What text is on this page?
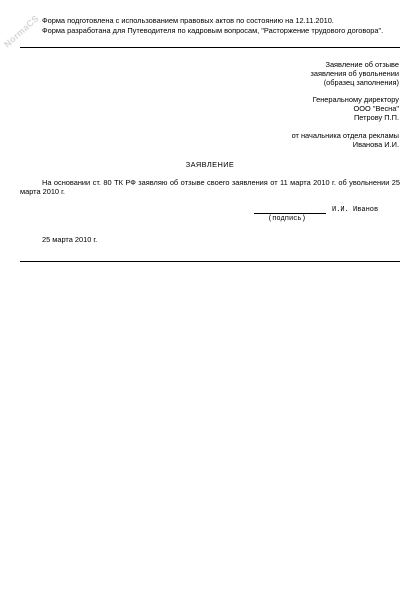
NormaCS Форма подготовлена с использованием правовых актов по состоянию на 12.11.2010.

Форма разработана для Путеводителя по кадровым вопросам, "Расторжение трудового договора".

Заявление об отзыве
заявления об увольнении
(образец заполнения)
Генеральному директору
ООО "Весна"
Петрову П.П.
от начальника отдела рекламы
Иванова И.И.
ЗАЯВЛЕНИЕ

На основании ст. 80 ТК РФ заявляю об отзыве своего заявления от 11 марта 2010 г. об увольнении 25 марта 2010 г.

И.И. Иванов
(подпись)
25 марта 2010 г.
